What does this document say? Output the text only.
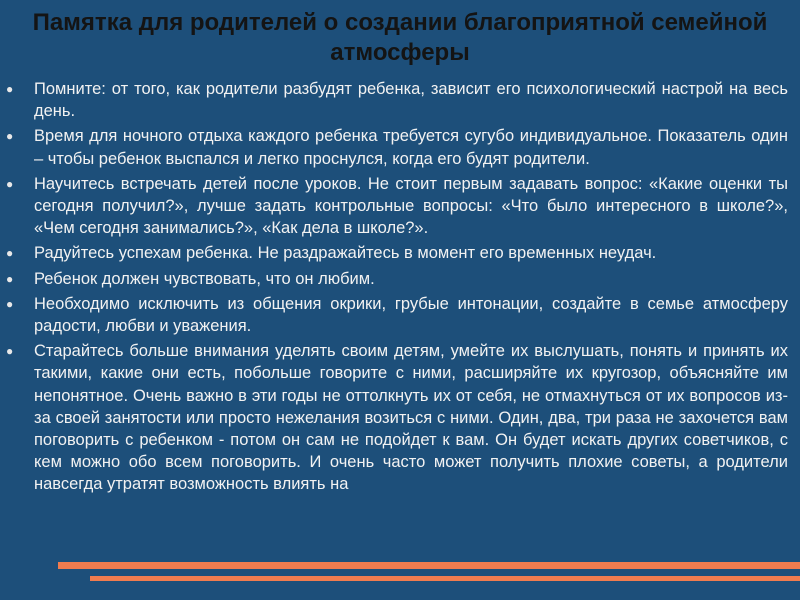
Памятка для родителей о создании благоприятной семейной атмосферы
● Помните: от того, как родители разбудят ребенка, зависит его психологический настрой на весь день.
● Время для ночного отдыха каждого ребенка требуется сугубо индивидуальное. Показатель один – чтобы ребенок выспался и легко проснулся, когда его будят родители.
● Научитесь встречать детей после уроков. Не стоит первым задавать вопрос: «Какие оценки ты сегодня получил?», лучше задать контрольные вопросы: «Что было интересного в школе?», «Чем сегодня занимались?», «Как дела в школе?».
● Радуйтесь успехам ребенка. Не раздражайтесь в момент его временных неудач.
● Ребенок должен чувствовать, что он любим.
● Необходимо исключить из общения окрики, грубые интонации, создайте в семье атмосферу радости, любви и уважения.
● Старайтесь больше внимания уделять своим детям, умейте их выслушать, понять и принять их такими, какие они есть, побольше говорите с ними, расширяйте их кругозор, объясняйте им непонятное. Очень важно в эти годы не оттолкнуть их от себя, не отмахнуться от их вопросов из-за своей занятости или просто нежелания возиться с ними. Один, два, три раза не захочется вам поговорить с ребенком - потом он сам не подойдет к вам. Он будет искать других советчиков, с кем можно обо всем поговорить. И очень часто может получить плохие советы, а родители навсегда утратят возможность влиять на
